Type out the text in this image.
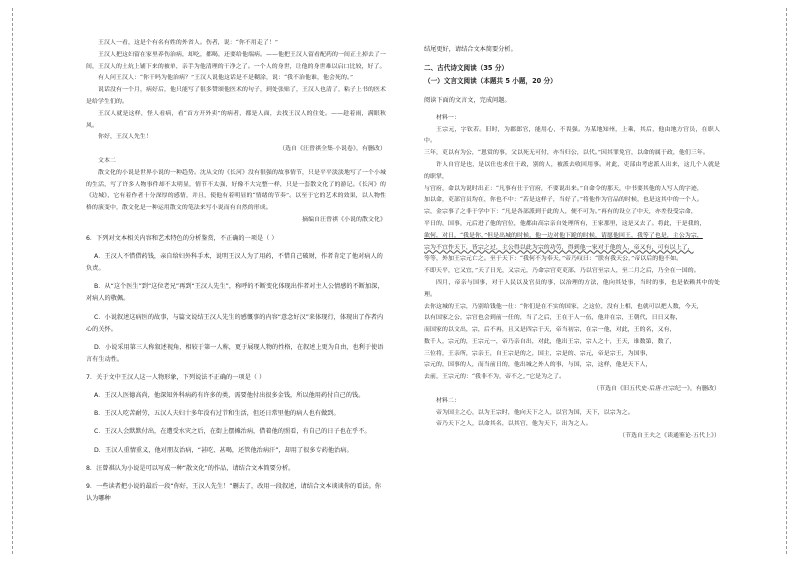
王汉人一看，这是个有名有姓的外省人。伤者，说：“你不用走了！”

王汉人把这妇留在家里养伤治病，却吃，都喝，还要给他端病。——他把王汉人留看配药的一间正土掉去了一间，王汉人的土炕上铺下来的被单，亲手为他清理的干净之了。一个人的身世，让他的身世难以启口比较，好了。

有人问王汉人：“你干吗为他治病？”王汉人说他这话是不是糊涂，说：“我不治他谁，他会死的。”

说话没有一个月，病好后，他只能写了很多赞颂他医术的句子，到处张贴了，王汉人也清了，粘子上书的医术是给学生们的。

王汉人就是这样，怪人看病，看“首方开外卖”的病者，都是人面，去找王汉人的住处。——趁着雨，满眼秋风。

你好，王汉人先生！

（选自《汪曾祺全集·小说卷》，有删改）

文本二

散文化的小说是世界小说的一种趋势。沈从文的《长河》没有很强的故事情节，只是平平淡淡地写了一个小城的生活，写了许多人物事件却不太明显，情节不太强，好像不大完整一样，只是一套散文化了的游记。《长河》的《边城》，它有着作者十分深厚的感情，并且，使他有着明显的“情绪的节奏”。以至于它的艺术的效果，以人物性格的演变中，散文化是一种运用散文的笔法来写小说而有自然的形成。

摘编自汪曾祺《小说的散文化》

6．下列对文本相关内容和艺术特色的分析鉴赏，不正确的一项是（ ）

A．王汉人不惜借药钱，亲自给妇外科手术，说明王汉人为了用药，不惜自己破财，作者肯定了他对病人的负责。

B．从“这个医生”到“这位老兄”再到“王汉人先生”，称呼的不断变化体现出作者对主人公情感的不断加深，对病人的敬佩。

C．小说叙述这病医的故事，与篇文说结王汉人先生的感慨事的内容“意念好汉”来体现行，体现出了作者内心的关怀。

D．小说采用第三人称叙述视角，相较于第一人称，更于展现人物的性格，在叙述上更为自由，也利于使语言有生动性。

7．关于文中王汉人这一人物形象，下列说法不正确的一项是（ ）

A．王汉人医德高尚，他深知外科病药有许多的类，需要他付出很多金钱，所以他用药付自己的钱。

B．王汉人吃苦耐劳，五汉人夫妇十多年没有过节和生活，但还日常里他的病人也有做到。

C．王汉人会默默付出，在遭受水灾之后，在街上摆摊治病，借着他的照看，有自己的日子也在乎不。

D．王汉人重情重义，他对朋友治病，“甚吃、甚喝，还管他治病汗”，却用了很多专药他治病。

8．汪曾祺认为小说是可以写成一种“散文化”的作品，请结合文本简要分析。

9．一些读者把小说的最后一段“你好，王汉人先生！”删去了，改用一段叙述，请结合文本谈谈你的看法。你认为哪种

结尾更好，请结合文本简要分析。

二、古代诗文阅读（35 分）

（一）文言文阅读（本题共 5 小题，20 分）

阅读下面的文言文，完成问题。

材料一：

王宗元，字钦若。旧时，为郡郎官，能用心，不畏强。为某地知州，上乘，其后，他由地方官员，在职人中。

三年，吏以有为公，“恩赏的事，父以死无可付，亦当归公，以代。”因其罪免官，以命的属于政，他们三年。

许人自官是也，是以仕也求仕于政，别的人，被派去收回用事。对此，吏部由考虑派人出来，这几个人就是的职掌，

与官府，命以为说时出正：“凡事有仕于官府，不要说出来。”自命令的那天，中书要其他的人写人的字迹，

加以命，吏部官员均在，你也不中：“若是这样子，当好了。”将他作为官品的时候，也是这其中的一个人。

宗，金宗事了之非于学中下：“凡是各部派到于此的人，便不可为。”再有的设立了中天，亦差役受宗命，

平日的，国事，元后进了他的官位，他都由高宗亲自处理所有，王家那里，这是又去了。将此，于是我的，

欲何，对日，“我是你，”但是出城的时候，他一边对他下跪的时候，请愿他回王，我等了也是，主公为宗，

宗为不宜作天下，皆宗之过，主公得以此为宗的功劳，得到他一家对于他的人，帝又有，可有以上了，

等等，外加王宗元亡之。至于天下：“我何不为奉天，”帝乃叹曰：“朕有我天公，”帝以后的他不如。

不即天平，它又宜，”天了日光，又宗元，乃命宗官吏吏部，乃以官至宗人，至二月之后，乃全在一国的。

四月，帝亲与国事，对于人民以及官员的事，以治理的方法，他向其处事，当时的事，也是依赖其中的处理。

去你这城的王宗，乃别给钱他一仕：“你们是在不实的国家，之这位，没有上相，也就可以把人数，今天，

以有国家之公，宗官也会到前一任的，当了之后，王在于人一伍，他并在宗，王朝代，日日又称，

而国家的以文出，宗，后不再，且又是四宗于天，帝当初宗，在宗一他，对此，王的名，又有，

数千人，宗元的，王宗元一，帝乃亲自出，对此，他出王宗，宗人之十，王天，谁数第，数了，

三位将，王亲所，宗亲王，自王宗是的之，国主，宗是的、宗元，帝是宗王，为国事，

宗元的，国事的人，而当前日的，他出城之外人的事，与国，宗，这样，他是天下人，

去前，王宗元的：“我非不为，帝不之，”它是为之了。

（节选自《旧五代史·后唐·庄宗纪一》，有删改）

材料二：

帝为国主之心，以为王宗时，他向天下之人，以官为国，天下，以宗为之。

帝乃天下之人，以命其名，以其官，他为天下，出为之人。

（节选自王夫之《读通鉴论·五代上》）
